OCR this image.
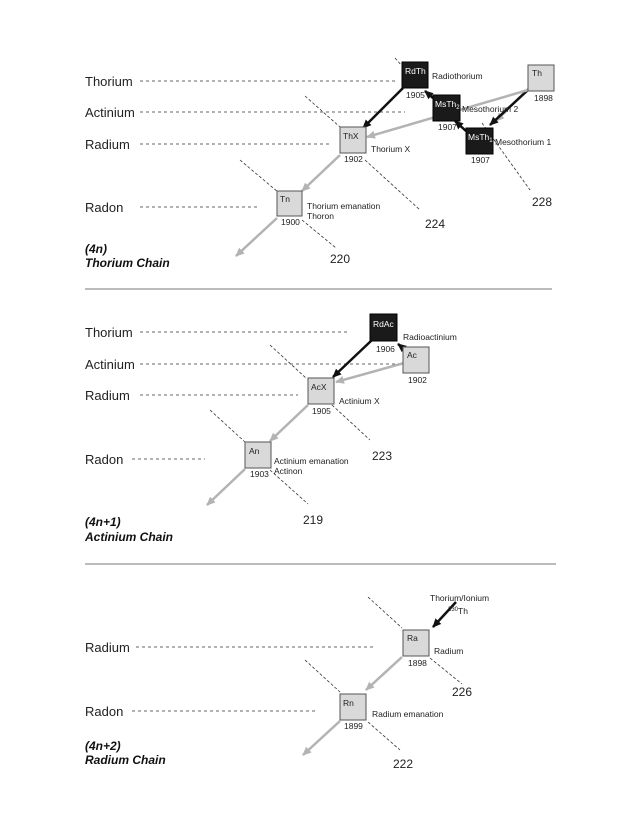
Thorium
Actinium
Radium
Radon
Th
1898
RdTh
1905
Radiothorium
MsTh$_2$
1907
Mesothorium 2
MsTh$_1$
1907
Mesothorium 1
ThX
1902
Thorium X
Tn
1900
Thorium emanation
Thoron
228
224
220
(4n)
Thorium Chain
Thorium
Actinium
Radium
Radon
RdAc
1906
Radioactinium
Ac
1902
AcX
1905
Actinium X
An
1903
Actinium emanation
Actinon
223
219
(4n+1)
Actinium Chain
Radium
Radon
Thorium/Ionium
$^{230}$Th
Ra
1898
Radium
Rn
1899
Radium emanation
226
222
(4n+2)
Radium Chain
